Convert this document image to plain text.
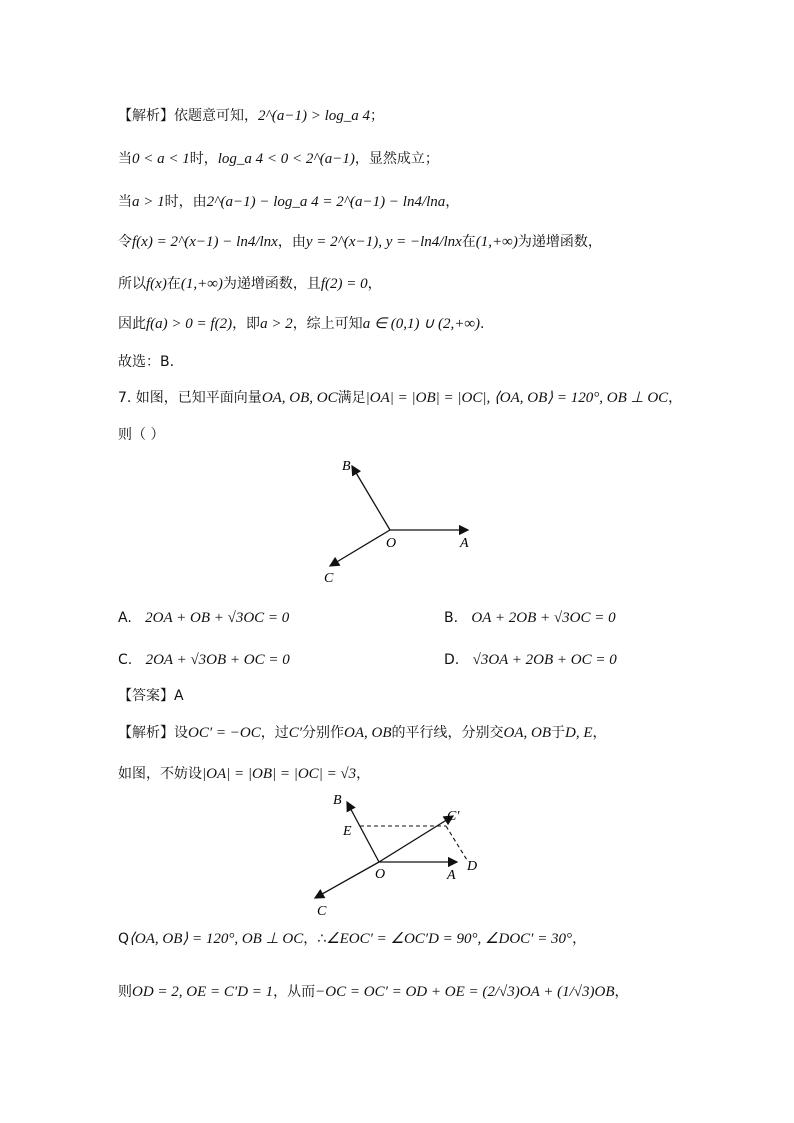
【解析】依题意可知，2^(a−1) > log_a 4；
当0 < a < 1时，log_a 4 < 0 < 2^(a−1)，显然成立；
当a > 1时，由2^(a−1) − log_a 4 = 2^(a−1) − ln4/lna，
令f(x) = 2^(x−1) − ln4/lnx，由y = 2^(x−1), y = −ln4/lnx在(1,+∞)为递增函数，
所以f(x)在(1,+∞)为递增函数，且f(2) = 0，
因此f(a) > 0 = f(2)，即a > 2，综上可知a ∈ (0,1) ∪ (2,+∞).
故选：B.
7. 如图，已知平面向量OA, OB, OC满足|OA| = |OB| = |OC|, ⟨OA, OB⟩ = 120°, OB ⊥ OC，
则（ ）
B
O	A
C
A. 2OA + OB + √3OC = 0	B. OA + 2OB + √3OC = 0
C. 2OA + √3OB + OC = 0	D. √3OA + 2OB + OC = 0
【答案】A
【解析】设OC′ = −OC，过C′分别作OA, OB的平行线，分别交OA, OB于D, E，
如图，不妨设|OA| = |OB| = |OC| = √3，
B
E
C′
D
O	A
C
Q⟨OA, OB⟩ = 120°, OB ⊥ OC，∴∠EOC′ = ∠OC′D = 90°, ∠DOC′ = 30°，
则OD = 2, OE = C′D = 1，从而−OC = OC′ = OD + OE = (2/√3)OA + (1/√3)OB，
